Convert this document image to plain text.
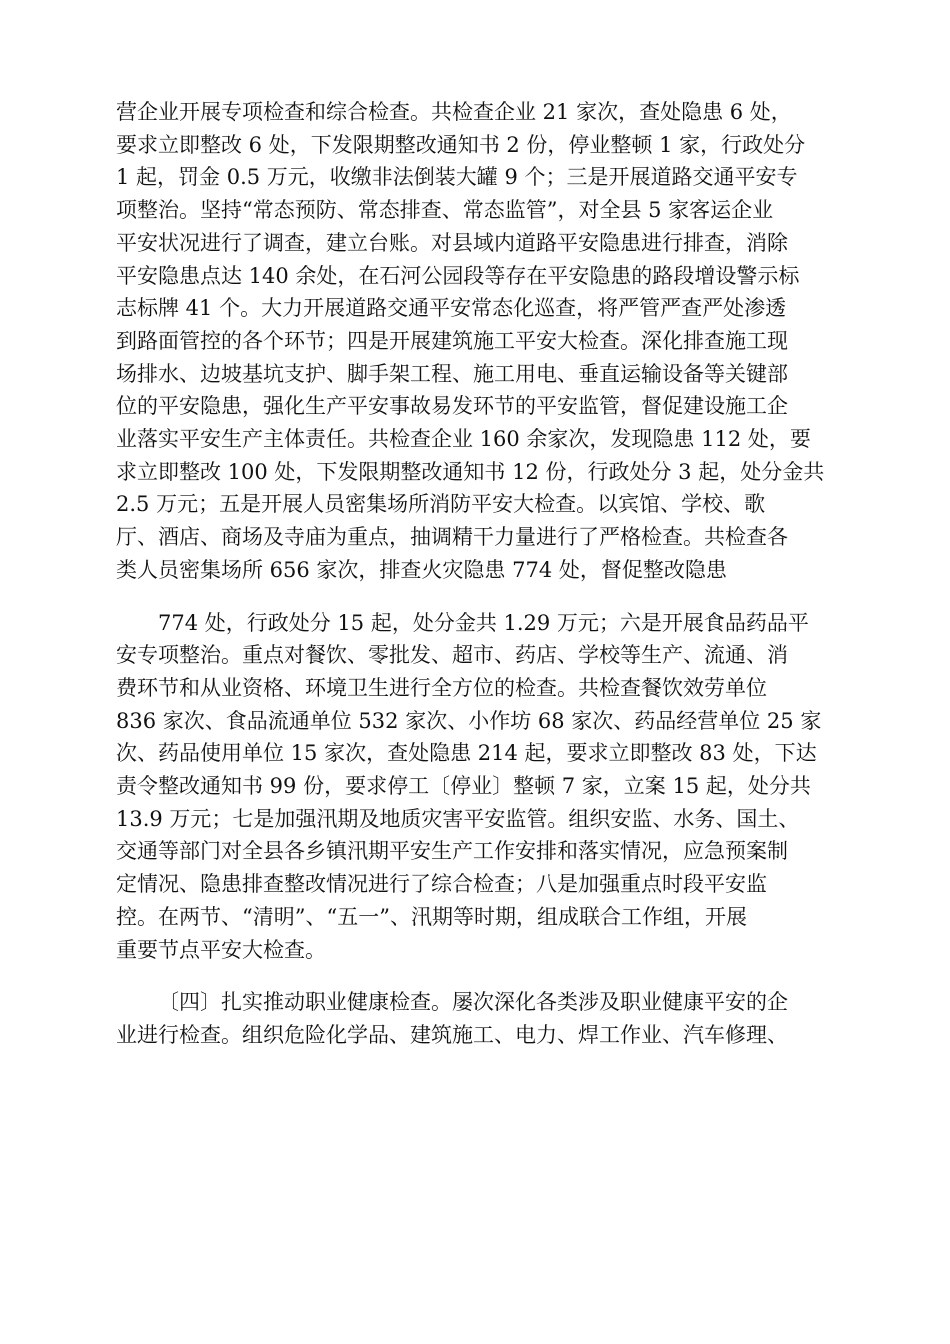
营企业开展专项检查和综合检查。共检查企业 21 家次，查处隐患 6 处，
要求立即整改 6 处，下发限期整改通知书 2 份，停业整顿 1 家，行政处分
1 起，罚金 0.5 万元，收缴非法倒装大罐 9 个；三是开展道路交通平安专
项整治。坚持“常态预防、常态排查、常态监管”，对全县 5 家客运企业
平安状况进行了调查，建立台账。对县域内道路平安隐患进行排查，消除
平安隐患点达 140 余处，在石河公园段等存在平安隐患的路段增设警示标
志标牌 41 个。大力开展道路交通平安常态化巡查，将严管严查严处渗透
到路面管控的各个环节；四是开展建筑施工平安大检查。深化排查施工现
场排水、边坡基坑支护、脚手架工程、施工用电、垂直运输设备等关键部
位的平安隐患，强化生产平安事故易发环节的平安监管，督促建设施工企
业落实平安生产主体责任。共检查企业 160 余家次，发现隐患 112 处，要
求立即整改 100 处，下发限期整改通知书 12 份，行政处分 3 起，处分金共
2.5 万元；五是开展人员密集场所消防平安大检查。以宾馆、学校、歌
厅、酒店、商场及寺庙为重点，抽调精干力量进行了严格检查。共检查各
类人员密集场所 656 家次，排查火灾隐患 774 处，督促整改隐患
774 处，行政处分 15 起，处分金共 1.29 万元；六是开展食品药品平
安专项整治。重点对餐饮、零批发、超市、药店、学校等生产、流通、消
费环节和从业资格、环境卫生进行全方位的检查。共检查餐饮效劳单位
836 家次、食品流通单位 532 家次、小作坊 68 家次、药品经营单位 25 家
次、药品使用单位 15 家次，查处隐患 214 起，要求立即整改 83 处，下达
责令整改通知书 99 份，要求停工〔停业〕整顿 7 家，立案 15 起，处分共
13.9 万元；七是加强汛期及地质灾害平安监管。组织安监、水务、国土、
交通等部门对全县各乡镇汛期平安生产工作安排和落实情况，应急预案制
定情况、隐患排查整改情况进行了综合检查；八是加强重点时段平安监
控。在两节、“清明”、“五一”、汛期等时期，组成联合工作组，开展
重要节点平安大检查。
〔四〕扎实推动职业健康检查。屡次深化各类涉及职业健康平安的企
业进行检查。组织危险化学品、建筑施工、电力、焊工作业、汽车修理、
